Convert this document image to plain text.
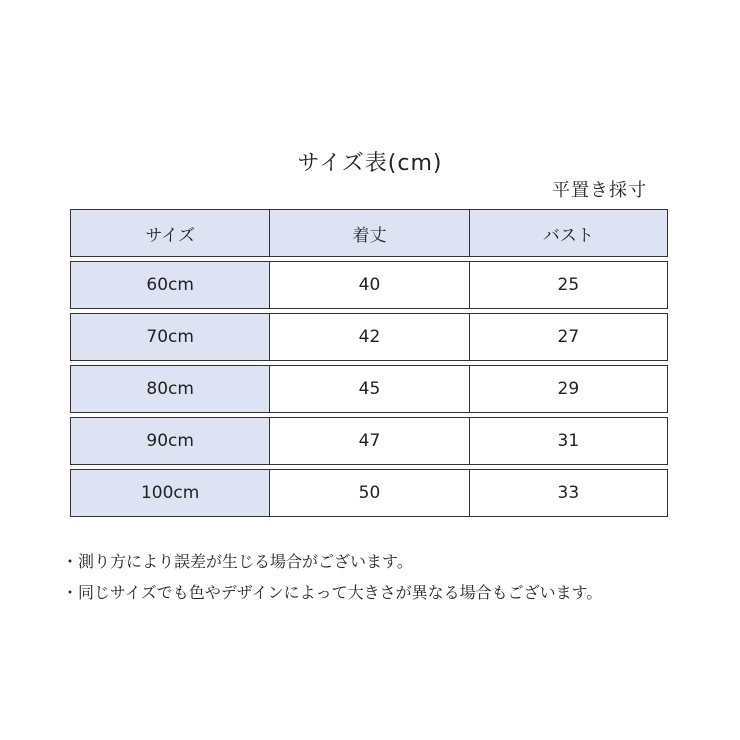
サイズ表(cm)
平置き採寸
サイズ	着丈	バスト
60cm	40	25
70cm	42	27
80cm	45	29
90cm	47	31
100cm	50	33
・測り方により誤差が生じる場合がございます。
・同じサイズでも色やデザインによって大きさが異なる場合もございます。
